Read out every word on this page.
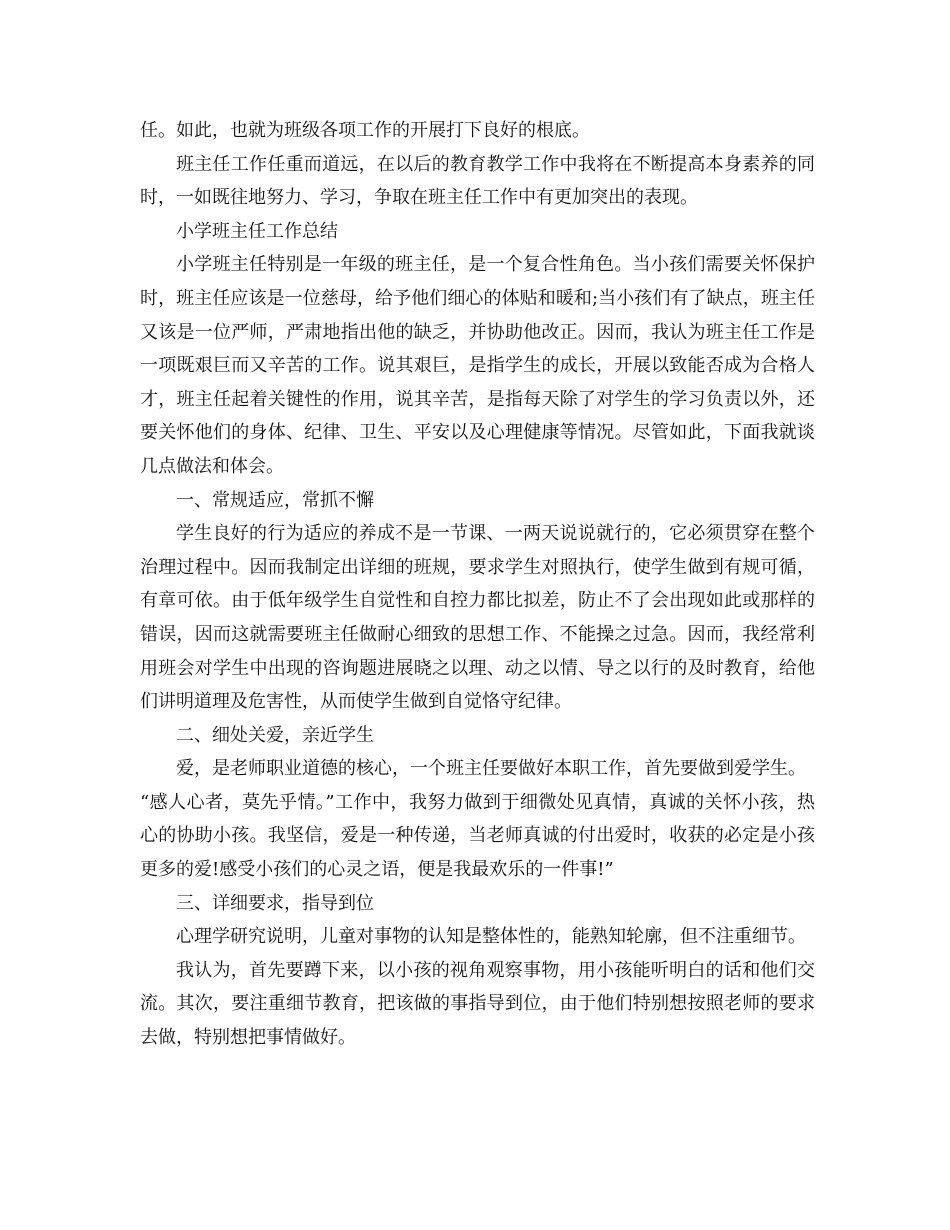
任。如此，也就为班级各项工作的开展打下良好的根底。

班主任工作任重而道远，在以后的教育教学工作中我将在不断提高本身素养的同时，一如既往地努力、学习，争取在班主任工作中有更加突出的表现。

小学班主任工作总结

小学班主任特别是一年级的班主任，是一个复合性角色。当小孩们需要关怀保护时，班主任应该是一位慈母，给予他们细心的体贴和暖和;当小孩们有了缺点，班主任又该是一位严师，严肃地指出他的缺乏，并协助他改正。因而，我认为班主任工作是一项既艰巨而又辛苦的工作。说其艰巨，是指学生的成长，开展以致能否成为合格人才，班主任起着关键性的作用，说其辛苦，是指每天除了对学生的学习负责以外，还要关怀他们的身体、纪律、卫生、平安以及心理健康等情况。尽管如此，下面我就谈几点做法和体会。

一、常规适应，常抓不懈

学生良好的行为适应的养成不是一节课、一两天说说就行的，它必须贯穿在整个治理过程中。因而我制定出详细的班规，要求学生对照执行，使学生做到有规可循，有章可依。由于低年级学生自觉性和自控力都比拟差，防止不了会出现如此或那样的错误，因而这就需要班主任做耐心细致的思想工作、不能操之过急。因而，我经常利用班会对学生中出现的咨询题进展晓之以理、动之以情、导之以行的及时教育，给他们讲明道理及危害性，从而使学生做到自觉恪守纪律。

二、细处关爱，亲近学生

爱，是老师职业道德的核心，一个班主任要做好本职工作，首先要做到爱学生。

“感人心者，莫先乎情。”工作中，我努力做到于细微处见真情，真诚的关怀小孩，热心的协助小孩。我坚信，爱是一种传递，当老师真诚的付出爱时，收获的必定是小孩更多的爱!感受小孩们的心灵之语，便是我最欢乐的一件事!”

三、详细要求，指导到位

心理学研究说明，儿童对事物的认知是整体性的，能熟知轮廓，但不注重细节。

我认为，首先要蹲下来，以小孩的视角观察事物，用小孩能听明白的话和他们交流。其次，要注重细节教育，把该做的事指导到位，由于他们特别想按照老师的要求去做，特别想把事情做好。
